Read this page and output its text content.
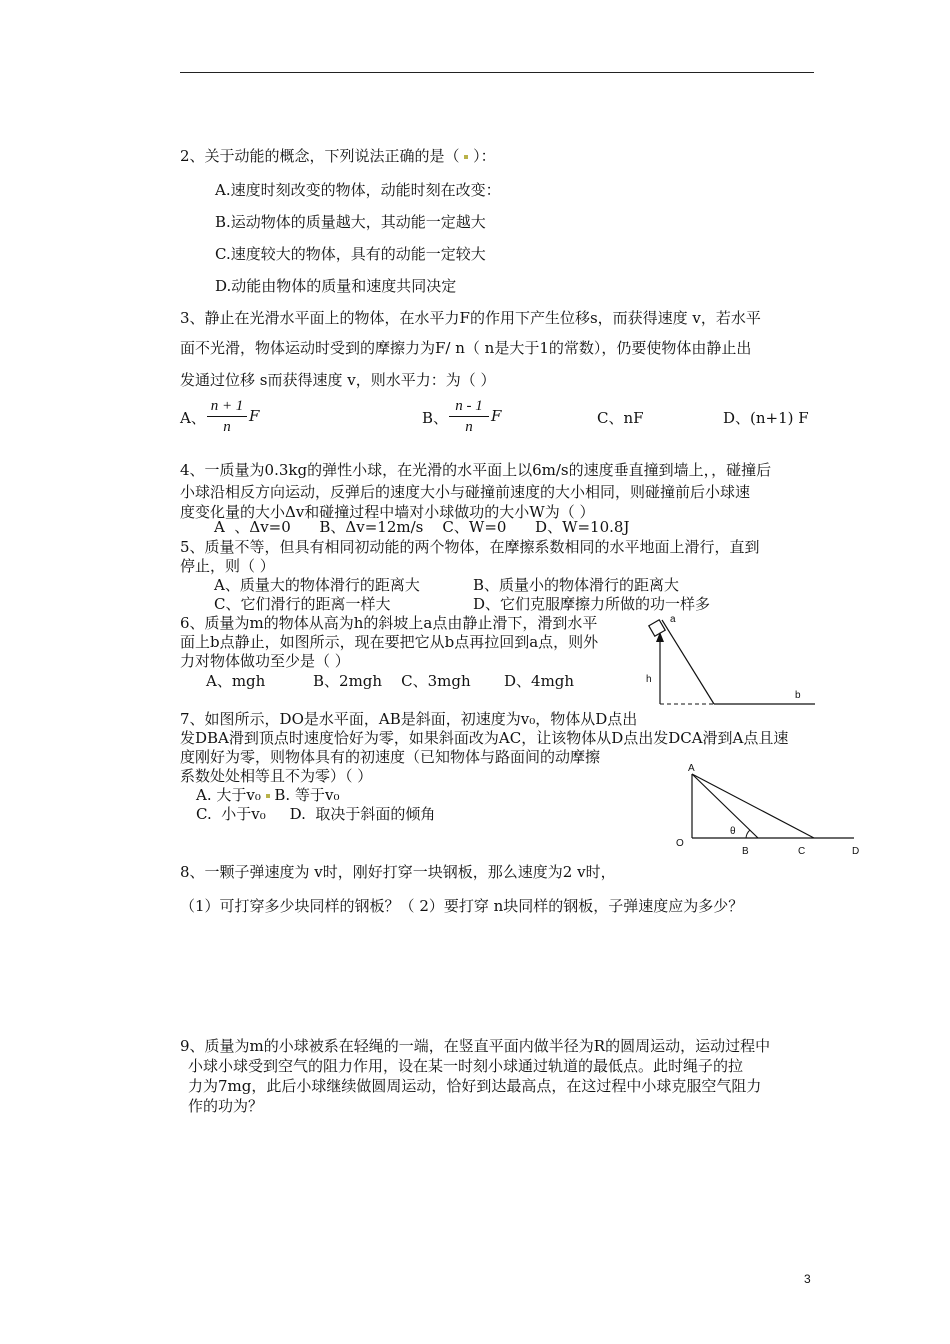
2、关于动能的概念，下列说法正确的是（  ）：
A.速度时刻改变的物体，动能时刻在改变：
B.运动物体的质量越大，其动能一定越大
C.速度较大的物体，具有的动能一定较大
D.动能由物体的质量和速度共同决定
3、静止在光滑水平面上的物体，在水平力F的作用下产生位移s，而获得速度 v，若水平
面不光滑，物体运动时受到的摩擦力为F/ n（ n是大于1的常数），仍要使物体由静止出
发通过位移 s而获得速度 v，则水平力：为（ ）
A、 $\frac{n + 1}{n}$ F	B、 $\frac{n - 1}{n}$ F	C、nF	D、(n+1) F
4、一质量为0.3kg的弹性小球，在光滑的水平面上以6m/s的速度垂直撞到墙上，，碰撞后
小球沿相反方向运动，反弹后的速度大小与碰撞前速度的大小相同，则碰撞前后小球速
度变化量的大小Δv和碰撞过程中墙对小球做功的大小W为（ ）
A  、Δv=0      B、Δv=12m/s    C、W=0      D、W=10.8J
5、质量不等，但具有相同初动能的两个物体，在摩擦系数相同的水平地面上滑行，直到
停止，则（ ）
A、质量大的物体滑行的距离大	B、质量小的物体滑行的距离大
C、它们滑行的距离一样大	D、它们克服摩擦力所做的功一样多
6、质量为m的物体从高为h的斜坡上a点由静止滑下，滑到水平
面上b点静止，如图所示，现在要把它从b点再拉回到a点，则外
力对物体做功至少是（ ）
A、mgh          B、2mgh    C、3mgh       D、4mgh
a
h
b
7、如图所示，DO是水平面，AB是斜面，初速度为v₀，物体从D点出
发DBA滑到顶点时速度恰好为零，如果斜面改为AC，让该物体从D点出发DCA滑到A点且速
度刚好为零，则物体具有的初速度（已知物体与路面间的动摩擦
系数处处相等且不为零）（ ）
A. 大于v₀  B. 等于v₀
C.  小于v₀     D.  取决于斜面的倾角
A
O
B	C	D
θ
8、一颗子弹速度为 v时，刚好打穿一块钢板，那么速度为2 v时，
（1）可打穿多少块同样的钢板？（ 2）要打穿 n块同样的钢板，子弹速度应为多少？
9、质量为m的小球被系在轻绳的一端，在竖直平面内做半径为R的圆周运动，运动过程中
小球小球受到空气的阻力作用，设在某一时刻小球通过轨道的最低点。此时绳子的拉
力为7mg，此后小球继续做圆周运动，恰好到达最高点，在这过程中小球克服空气阻力
作的功为？
3
